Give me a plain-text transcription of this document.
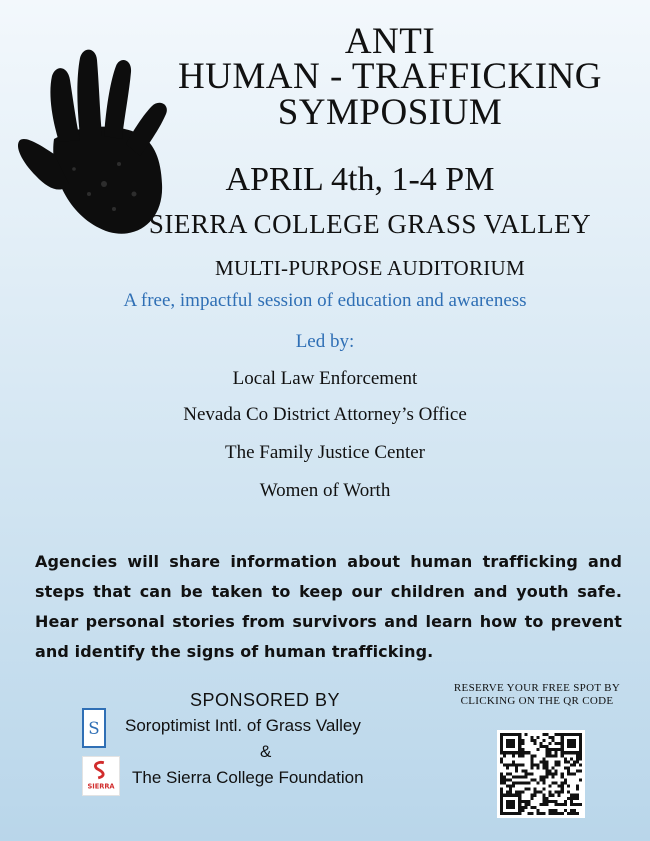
ANTI
HUMAN - TRAFFICKING
SYMPOSIUM
APRIL 4th, 1-4 PM
SIERRA COLLEGE GRASS VALLEY
MULTI-PURPOSE AUDITORIUM
A free, impactful session of education and awareness
Led by:
Local Law Enforcement
Nevada Co District Attorney’s Office
The Family Justice Center
Women of Worth
Agencies will share information about human trafficking and steps that can be taken to keep our children and youth safe. Hear personal stories from survivors and learn how to prevent and identify the signs of human trafficking.
SPONSORED BY
S Soroptimist Intl. of Grass Valley
&
SIERRA The Sierra College Foundation
RESERVE YOUR FREE SPOT BY CLICKING ON THE QR CODE
